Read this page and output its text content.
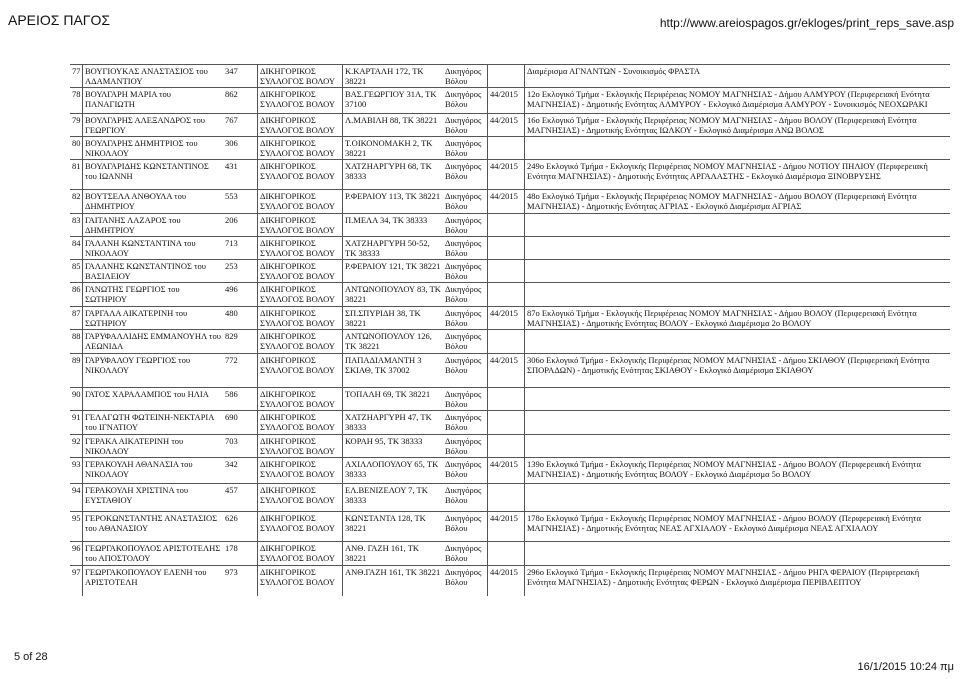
ΑΡΕΙΟΣ ΠΑΓΟΣ	http://www.areiospagos.gr/ekloges/print_reps_save.asp
77	ΒΟΥΓΙΟΥΚΑΣ ΑΝΑΣΤΑΣΙΟΣ του ΑΔΑΜΑΝΤΙΟΥ	347	ΔΙΚΗΓΟΡΙΚΟΣ ΣΥΛΛΟΓΟΣ ΒΟΛΟΥ	Κ.ΚΑΡΤΑΛΗ 172, ΤΚ 38221	Δικηγόρος Βόλου		Διαμέρισμα ΑΓΝΑΝΤΩΝ - Συνοικισμός ΦΡΑΣΤΑ
78	ΒΟΥΛΓΑΡΗ ΜΑΡΙΑ του ΠΑΝΑΓΙΩΤΗ	862	ΔΙΚΗΓΟΡΙΚΟΣ ΣΥΛΛΟΓΟΣ ΒΟΛΟΥ	ΒΑΣ.ΓΕΩΡΓΙΟΥ 31Α, ΤΚ 37100	Δικηγόρος Βόλου	44/2015	12ο Εκλογικό Τμήμα - Εκλογικής Περιφέρειας ΝΟΜΟΥ ΜΑΓΝΗΣΙΑΣ - Δήμου ΑΛΜΥΡΟΥ (Περιφερειακή Ενότητα ΜΑΓΝΗΣΙΑΣ) - Δημοτικής Ενότητας ΑΛΜΥΡΟΥ - Εκλογικό Διαμέρισμα ΑΛΜΥΡΟΥ - Συνοικισμός ΝΕΟΧΩΡΑΚΙ
79	ΒΟΥΛΓΑΡΗΣ ΑΛΕΞΑΝΔΡΟΣ του ΓΕΩΡΓΙΟΥ	767	ΔΙΚΗΓΟΡΙΚΟΣ ΣΥΛΛΟΓΟΣ ΒΟΛΟΥ	Λ.ΜΑΒΙΛΗ 88, ΤΚ 38221	Δικηγόρος Βόλου	44/2015	16ο Εκλογικό Τμήμα - Εκλογικής Περιφέρειας ΝΟΜΟΥ ΜΑΓΝΗΣΙΑΣ - Δήμου ΒΟΛΟΥ (Περιφερειακή Ενότητα ΜΑΓΝΗΣΙΑΣ) - Δημοτικής Ενότητας ΙΩΛΚΟΥ - Εκλογικό Διαμέρισμα ΑΝΩ ΒΟΛΟΣ
80	ΒΟΥΛΓΑΡΗΣ ΔΗΜΗΤΡΙΟΣ του ΝΙΚΟΛΑΟΥ	306	ΔΙΚΗΓΟΡΙΚΟΣ ΣΥΛΛΟΓΟΣ ΒΟΛΟΥ	Τ.ΟΙΚΟΝΟΜΑΚΗ 2, ΤΚ 38221	Δικηγόρος Βόλου		
81	ΒΟΥΛΓΑΡΙΔΗΣ ΚΩΝΣΤΑΝΤΙΝΟΣ του ΙΩΑΝΝΗ	431	ΔΙΚΗΓΟΡΙΚΟΣ ΣΥΛΛΟΓΟΣ ΒΟΛΟΥ	ΧΑΤΖΗΑΡΓΥΡΗ 68, ΤΚ 38333	Δικηγόρος Βόλου	44/2015	249ο Εκλογικό Τμήμα - Εκλογικής Περιφέρειας ΝΟΜΟΥ ΜΑΓΝΗΣΙΑΣ - Δήμου ΝΟΤΙΟΥ ΠΗΛΙΟΥ (Περιφερειακή Ενότητα ΜΑΓΝΗΣΙΑΣ) - Δημοτικής Ενότητας ΑΡΓΑΛΑΣΤΗΣ - Εκλογικό Διαμέρισμα ΞΙΝΟΒΡΥΣΗΣ
82	ΒΟΥΤΣΕΛΑ ΑΝΘΟΥΛΑ του ΔΗΜΗΤΡΙΟΥ	553	ΔΙΚΗΓΟΡΙΚΟΣ ΣΥΛΛΟΓΟΣ ΒΟΛΟΥ	Ρ.ΦΕΡΑΙΟΥ 113, ΤΚ 38221	Δικηγόρος Βόλου	44/2015	48ο Εκλογικό Τμήμα - Εκλογικής Περιφέρειας ΝΟΜΟΥ ΜΑΓΝΗΣΙΑΣ - Δήμου ΒΟΛΟΥ (Περιφερειακή Ενότητα ΜΑΓΝΗΣΙΑΣ) - Δημοτικής Ενότητας ΑΓΡΙΑΣ - Εκλογικό Διαμέρισμα ΑΓΡΙΑΣ
83	ΓΑΙΤΑΝΗΣ ΛΑΖΑΡΟΣ του ΔΗΜΗΤΡΙΟΥ	206	ΔΙΚΗΓΟΡΙΚΟΣ ΣΥΛΛΟΓΟΣ ΒΟΛΟΥ	Π.ΜΕΛΑ 34, ΤΚ 38333	Δικηγόρος Βόλου		
84	ΓΑΛΑΝΗ ΚΩΝΣΤΑΝΤΙΝΑ του ΝΙΚΟΛΑΟΥ	713	ΔΙΚΗΓΟΡΙΚΟΣ ΣΥΛΛΟΓΟΣ ΒΟΛΟΥ	ΧΑΤΖΗΑΡΓΥΡΗ 50-52, ΤΚ 38333	Δικηγόρος Βόλου		
85	ΓΑΛΑΝΗΣ ΚΩΝΣΤΑΝΤΙΝΟΣ του ΒΑΣΙΛΕΙΟΥ	253	ΔΙΚΗΓΟΡΙΚΟΣ ΣΥΛΛΟΓΟΣ ΒΟΛΟΥ	Ρ.ΦΕΡΑΙΟΥ 121, ΤΚ 38221	Δικηγόρος Βόλου		
86	ΓΑΝΩΤΗΣ ΓΕΩΡΓΙΟΣ του ΣΩΤΗΡΙΟΥ	496	ΔΙΚΗΓΟΡΙΚΟΣ ΣΥΛΛΟΓΟΣ ΒΟΛΟΥ	ΑΝΤΩΝΟΠΟΥΛΟΥ 83, ΤΚ 38221	Δικηγόρος Βόλου		
87	ΓΑΡΓΑΛΑ ΑΙΚΑΤΕΡΙΝΗ του ΣΩΤΗΡΙΟΥ	480	ΔΙΚΗΓΟΡΙΚΟΣ ΣΥΛΛΟΓΟΣ ΒΟΛΟΥ	ΣΠ.ΣΠΥΡΙΔΗ 38, ΤΚ 38221	Δικηγόρος Βόλου	44/2015	87ο Εκλογικό Τμήμα - Εκλογικής Περιφέρειας ΝΟΜΟΥ ΜΑΓΝΗΣΙΑΣ - Δήμου ΒΟΛΟΥ (Περιφερειακή Ενότητα ΜΑΓΝΗΣΙΑΣ) - Δημοτικής Ενότητας ΒΟΛΟΥ - Εκλογικό Διαμέρισμα 2ο ΒΟΛΟΥ
88	ΓΑΡΥΦΑΛΛΙΔΗΣ ΕΜΜΑΝΟΥΗΛ του ΛΕΩΝΙΔΑ	829	ΔΙΚΗΓΟΡΙΚΟΣ ΣΥΛΛΟΓΟΣ ΒΟΛΟΥ	ΑΝΤΩΝΟΠΟΥΛΟΥ 126, ΤΚ 38221	Δικηγόρος Βόλου		
89	ΓΑΡΥΦΑΛΟΥ ΓΕΩΡΓΙΟΣ του ΝΙΚΟΛΑΟΥ	772	ΔΙΚΗΓΟΡΙΚΟΣ ΣΥΛΛΟΓΟΣ ΒΟΛΟΥ	ΠΑΠΑΔΙΑΜΑΝΤΗ 3 ΣΚΙΑΘ, ΤΚ 37002	Δικηγόρος Βόλου	44/2015	306ο Εκλογικό Τμήμα - Εκλογικής Περιφέρειας ΝΟΜΟΥ ΜΑΓΝΗΣΙΑΣ - Δήμου ΣΚΙΑΘΟΥ (Περιφερειακή Ενότητα ΣΠΟΡΑΔΩΝ) - Δημοτικής Ενότητας ΣΚΙΑΘΟΥ - Εκλογικό Διαμέρισμα ΣΚΙΑΘΟΥ
90	ΓΑΤΟΣ ΧΑΡΑΛΑΜΠΟΣ του ΗΛΙΑ	586	ΔΙΚΗΓΟΡΙΚΟΣ ΣΥΛΛΟΓΟΣ ΒΟΛΟΥ	ΤΟΠΑΛΗ 69, ΤΚ 38221	Δικηγόρος Βόλου		
91	ΓΕΛΑΓΩΤΗ ΦΩΤΕΙΝΗ-ΝΕΚΤΑΡΙΑ του ΙΓΝΑΤΙΟΥ	690	ΔΙΚΗΓΟΡΙΚΟΣ ΣΥΛΛΟΓΟΣ ΒΟΛΟΥ	ΧΑΤΖΗΑΡΓΥΡΗ 47, ΤΚ 38333	Δικηγόρος Βόλου		
92	ΓΕΡΑΚΑ ΑΙΚΑΤΕΡΙΝΗ του ΝΙΚΟΛΑΟΥ	703	ΔΙΚΗΓΟΡΙΚΟΣ ΣΥΛΛΟΓΟΣ ΒΟΛΟΥ	ΚΟΡΑΗ 95, ΤΚ 38333	Δικηγόρος Βόλου		
93	ΓΕΡΑΚΟΥΛΗ ΑΘΑΝΑΣΙΑ του ΝΙΚΟΛΑΟΥ	342	ΔΙΚΗΓΟΡΙΚΟΣ ΣΥΛΛΟΓΟΣ ΒΟΛΟΥ	ΑΧΙΛΛΟΠΟΥΛΟΥ 65, ΤΚ 38333	Δικηγόρος Βόλου	44/2015	139ο Εκλογικό Τμήμα - Εκλογικής Περιφέρειας ΝΟΜΟΥ ΜΑΓΝΗΣΙΑΣ - Δήμου ΒΟΛΟΥ (Περιφερειακή Ενότητα ΜΑΓΝΗΣΙΑΣ) - Δημοτικής Ενότητας ΒΟΛΟΥ - Εκλογικό Διαμέρισμα 5ο ΒΟΛΟΥ
94	ΓΕΡΑΚΟΥΛΗ ΧΡΙΣΤΙΝΑ του ΕΥΣΤΑΘΙΟΥ	457	ΔΙΚΗΓΟΡΙΚΟΣ ΣΥΛΛΟΓΟΣ ΒΟΛΟΥ	ΕΛ.ΒΕΝΙΖΕΛΟΥ 7, ΤΚ 38333	Δικηγόρος Βόλου		
95	ΓΕΡΟΚΩΝΣΤΑΝΤΗΣ ΑΝΑΣΤΑΣΙΟΣ του ΑΘΑΝΑΣΙΟΥ	626	ΔΙΚΗΓΟΡΙΚΟΣ ΣΥΛΛΟΓΟΣ ΒΟΛΟΥ	ΚΩΝΣΤΑΝΤΑ 128, ΤΚ 38221	Δικηγόρος Βόλου	44/2015	178ο Εκλογικό Τμήμα - Εκλογικής Περιφέρειας ΝΟΜΟΥ ΜΑΓΝΗΣΙΑΣ - Δήμου ΒΟΛΟΥ (Περιφερειακή Ενότητα ΜΑΓΝΗΣΙΑΣ) - Δημοτικής Ενότητας ΝΕΑΣ ΑΓΧΙΑΛΟΥ - Εκλογικό Διαμέρισμα ΝΕΑΣ ΑΓΧΙΑΛΟΥ
96	ΓΕΩΡΓΑΚΟΠΟΥΛΟΣ ΑΡΙΣΤΟΤΕΛΗΣ του ΑΠΟΣΤΟΛΟΥ	178	ΔΙΚΗΓΟΡΙΚΟΣ ΣΥΛΛΟΓΟΣ ΒΟΛΟΥ	ΑΝΘ. ΓΑΖΗ 161, ΤΚ 38221	Δικηγόρος Βόλου		
97	ΓΕΩΡΓΑΚΟΠΟΥΛΟΥ ΕΛΕΝΗ του ΑΡΙΣΤΟΤΕΛΗ	973	ΔΙΚΗΓΟΡΙΚΟΣ ΣΥΛΛΟΓΟΣ ΒΟΛΟΥ	ΑΝΘ.ΓΑΖΗ 161, ΤΚ 38221	Δικηγόρος Βόλου	44/2015	296ο Εκλογικό Τμήμα - Εκλογικής Περιφέρειας ΝΟΜΟΥ ΜΑΓΝΗΣΙΑΣ - Δήμου ΡΗΓΑ ΦΕΡΑΙΟΥ (Περιφερειακή Ενότητα ΜΑΓΝΗΣΙΑΣ) - Δημοτικής Ενότητας ΦΕΡΩΝ - Εκλογικό Διαμέρισμα ΠΕΡΙΒΛΕΠΤΟΥ
5 of 28
16/1/2015 10:24 πμ
